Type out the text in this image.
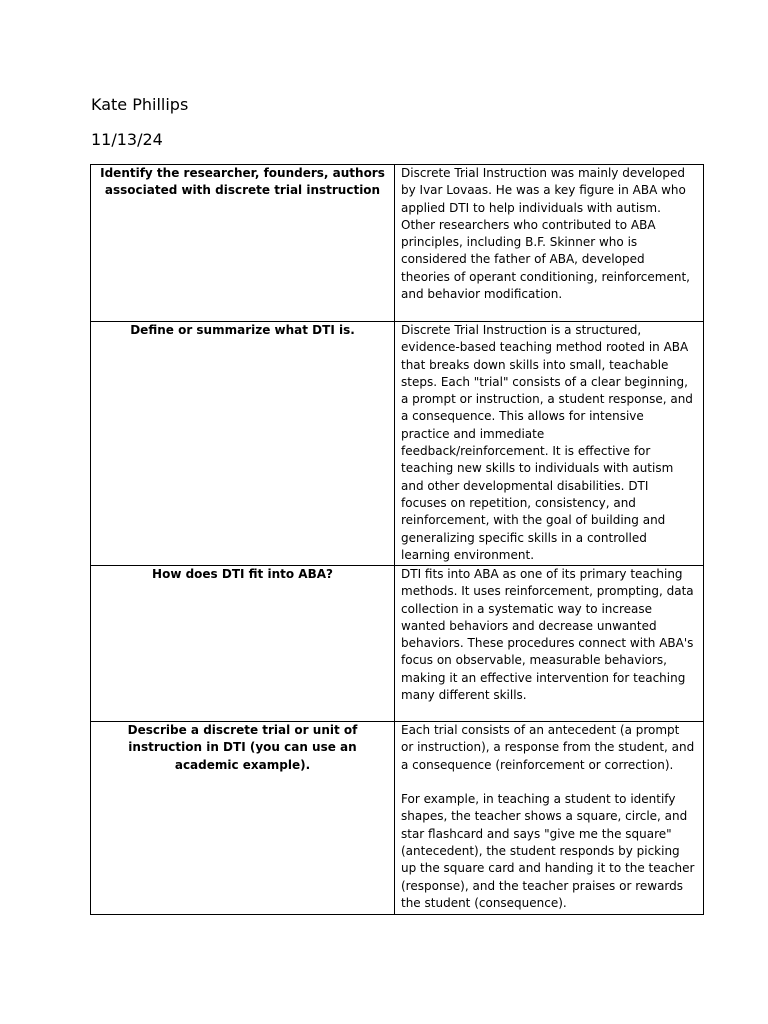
Kate Phillips
11/13/24
Identify the researcher, founders, authors associated with discrete trial instruction	Discrete Trial Instruction was mainly developed by Ivar Lovaas. He was a key figure in ABA who applied DTI to help individuals with autism. Other researchers who contributed to ABA principles, including B.F. Skinner who is considered the father of ABA, developed theories of operant conditioning, reinforcement, and behavior modification.

Define or summarize what DTI is.	Discrete Trial Instruction is a structured, evidence-based teaching method rooted in ABA that breaks down skills into small, teachable steps. Each "trial" consists of a clear beginning, a prompt or instruction, a student response, and a consequence. This allows for intensive practice and immediate feedback/reinforcement. It is effective for teaching new skills to individuals with autism and other developmental disabilities. DTI focuses on repetition, consistency, and reinforcement, with the goal of building and generalizing specific skills in a controlled learning environment.

How does DTI fit into ABA?	DTI fits into ABA as one of its primary teaching methods. It uses reinforcement, prompting, data collection in a systematic way to increase wanted behaviors and decrease unwanted behaviors. These procedures connect with ABA's focus on observable, measurable behaviors, making it an effective intervention for teaching many different skills.

Describe a discrete trial or unit of instruction in DTI (you can use an academic example).	Each trial consists of an antecedent (a prompt or instruction), a response from the student, and a consequence (reinforcement or correction).
For example, in teaching a student to identify shapes, the teacher shows a square, circle, and star flashcard and says "give me the square" (antecedent), the student responds by picking up the square card and handing it to the teacher (response), and the teacher praises or rewards the student (consequence).
